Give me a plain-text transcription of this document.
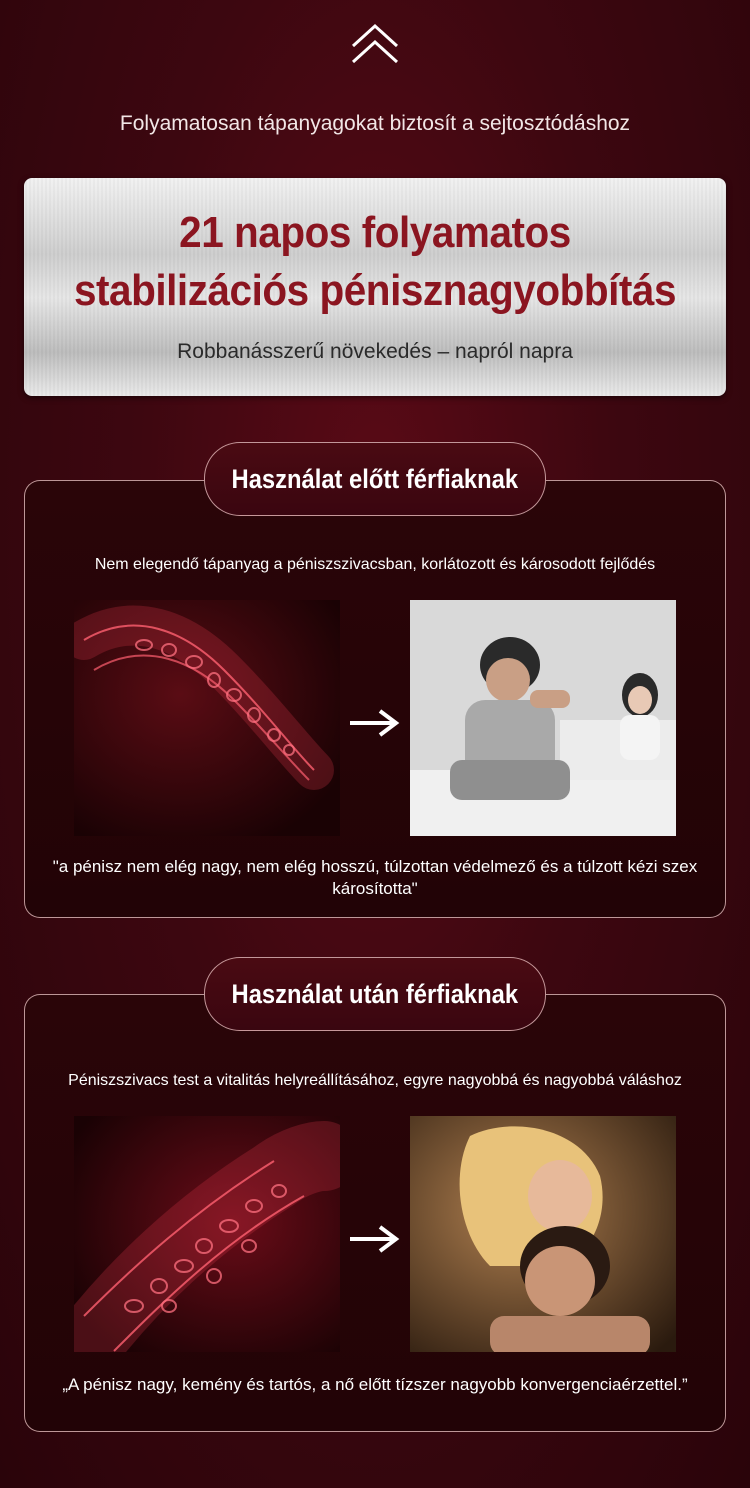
Folyamatosan tápanyagokat biztosít a sejtosztódáshoz
21 napos folyamatos
stabilizációs pénisznagyobbítás
Robbanásszerű növekedés – napról napra
Használat előtt férfiaknak
Nem elegendő tápanyag a péniszszivacsban, korlátozott és károsodott fejlődés
"a pénisz nem elég nagy, nem elég hosszú, túlzottan védelmező és a túlzott kézi szex károsította"
Használat után férfiaknak
Péniszszivacs test a vitalitás helyreállításához, egyre nagyobbá és nagyobbá váláshoz
„A pénisz nagy, kemény és tartós, a nő előtt tízszer nagyobb konvergenciaérzettel.”
